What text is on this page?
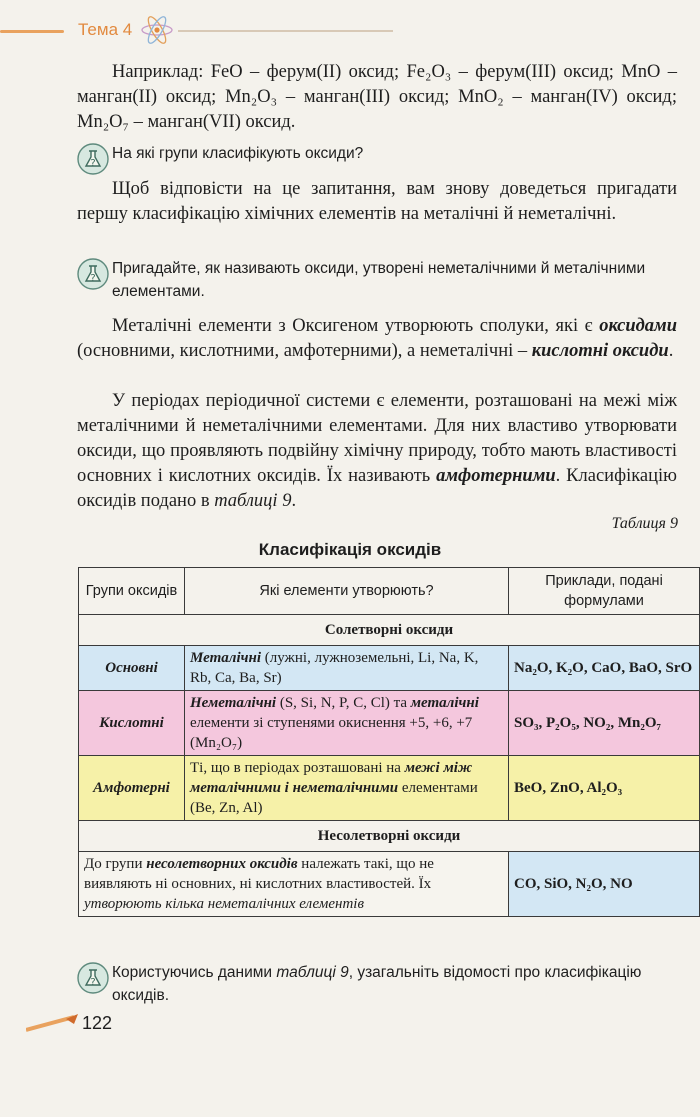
Тема 4

Наприклад: FeO – ферум(ІІ) оксид; Fe₂O₃ – ферум(ІІІ) оксид; MnO – манган(ІІ) оксид; Mn₂O₃ – манган(ІІІ) оксид; MnO₂ – манган(IV) оксид; Mn₂O₇ – манган(VII) оксид.

?
На які групи класифікують оксиди?

Щоб відповісти на це запитання, вам знову доведеться пригадати першу класифікацію хімічних елементів на металічні й неметалічні.

?
Пригадайте, як називають оксиди, утворені неметалічними й металічними елементами.

Металічні елементи з Оксигеном утворюють сполуки, які є оксидами (основними, кислотними, амфотерними), а неметалічні – кислотні оксиди.

У періодах періодичної системи є елементи, розташовані на межі між металічними й неметалічними елементами. Для них властиво утворювати оксиди, що проявляють подвійну хімічну природу, тобто мають властивості основних і кислотних оксидів. Їх називають амфотерними. Класифікацію оксидів подано в таблиці 9.

Таблиця 9
Класифікація оксидів
Групи оксидів	Які елементи утворюють?	Приклади, подані формулами
Солетворні оксиди		
Основні	Металічні (лужні, лужноземельні, Li, Na, K, Rb, Ca, Ba, Sr)	Na₂O, K₂O, CaO, BaO, SrO
Кислотні	Неметалічні (S, Si, N, P, C, Cl) та металічні елементи зі ступенями окиснення +5, +6, +7 (Mn₂O₇)	SO₃, P₂O₅, NO₂, Mn₂O₇
Амфотерні	Ті, що в періодах розташовані на межі між металічними і неметалічними елементами (Be, Zn, Al)	BeO, ZnO, Al₂O₃
Несолетворні оксиди		
До групи несолетворних оксидів належать такі, що не виявляють ні основних, ні кислотних властивостей. Їх утворюють кілька неметалічних елементів		CO, SiO, N₂O, NO
?
Користуючись даними таблиці 9, узагальніть відомості про класифікацію оксидів.
122
